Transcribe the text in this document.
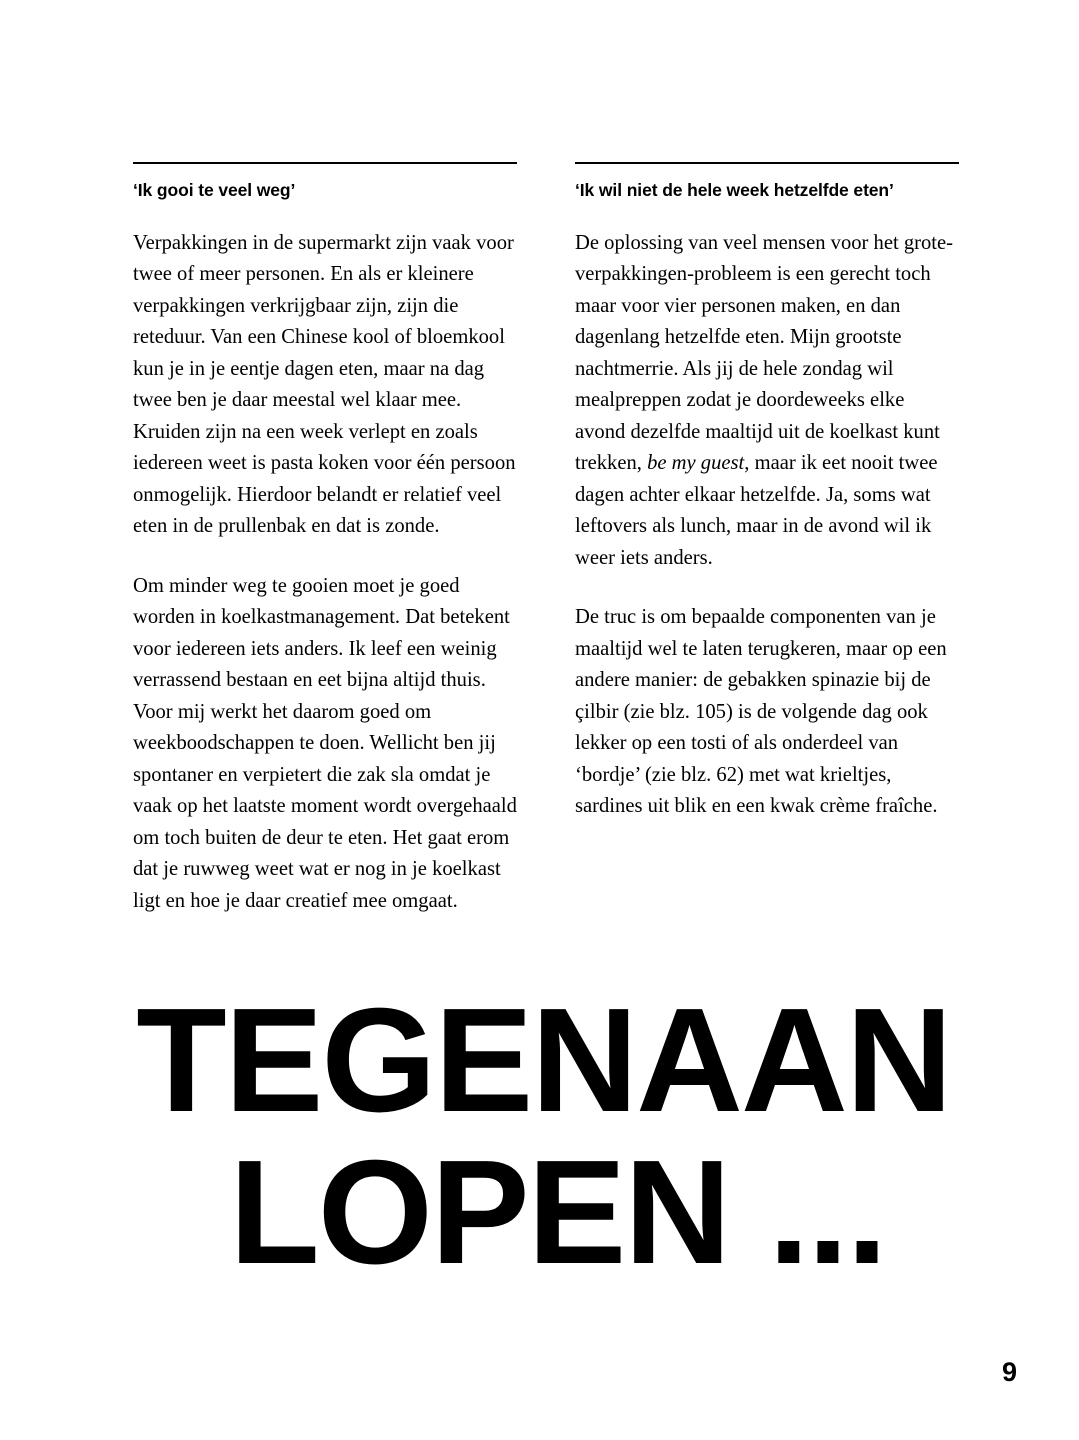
‘Ik gooi te veel weg’

Verpakkingen in de supermarkt zijn vaak voor twee of meer personen. En als er kleinere verpakkingen verkrijgbaar zijn, zijn die reteduur. Van een Chinese kool of bloemkool kun je in je eentje dagen eten, maar na dag twee ben je daar meestal wel klaar mee. Kruiden zijn na een week verlept en zoals iedereen weet is pasta koken voor één persoon onmogelijk. Hierdoor belandt er relatief veel eten in de prullenbak en dat is zonde.

Om minder weg te gooien moet je goed worden in koelkastmanagement. Dat betekent voor iedereen iets anders. Ik leef een weinig verrassend bestaan en eet bijna altijd thuis. Voor mij werkt het daarom goed om weekboodschappen te doen. Wellicht ben jij spontaner en verpietert die zak sla omdat je vaak op het laatste moment wordt overgehaald om toch buiten de deur te eten. Het gaat erom dat je ruwweg weet wat er nog in je koelkast ligt en hoe je daar creatief mee omgaat.

‘Ik wil niet de hele week hetzelfde eten’

De oplossing van veel mensen voor het grote-verpakkingen-probleem is een gerecht toch maar voor vier personen maken, en dan dagenlang hetzelfde eten. Mijn grootste nachtmerrie. Als jij de hele zondag wil mealpreppen zodat je doordeweeks elke avond dezelfde maaltijd uit de koelkast kunt trekken, be my guest, maar ik eet nooit twee dagen achter elkaar hetzelfde. Ja, soms wat leftovers als lunch, maar in de avond wil ik weer iets anders.

De truc is om bepaalde componenten van je maaltijd wel te laten terugkeren, maar op een andere manier: de gebakken spinazie bij de çilbir (zie blz. 105) is de volgende dag ook lekker op een tosti of als onderdeel van ‘bordje’ (zie blz. 62) met wat krieltjes, sardines uit blik en een kwak crème fraîche.

TEGENAAN
LOPEN ...
9
